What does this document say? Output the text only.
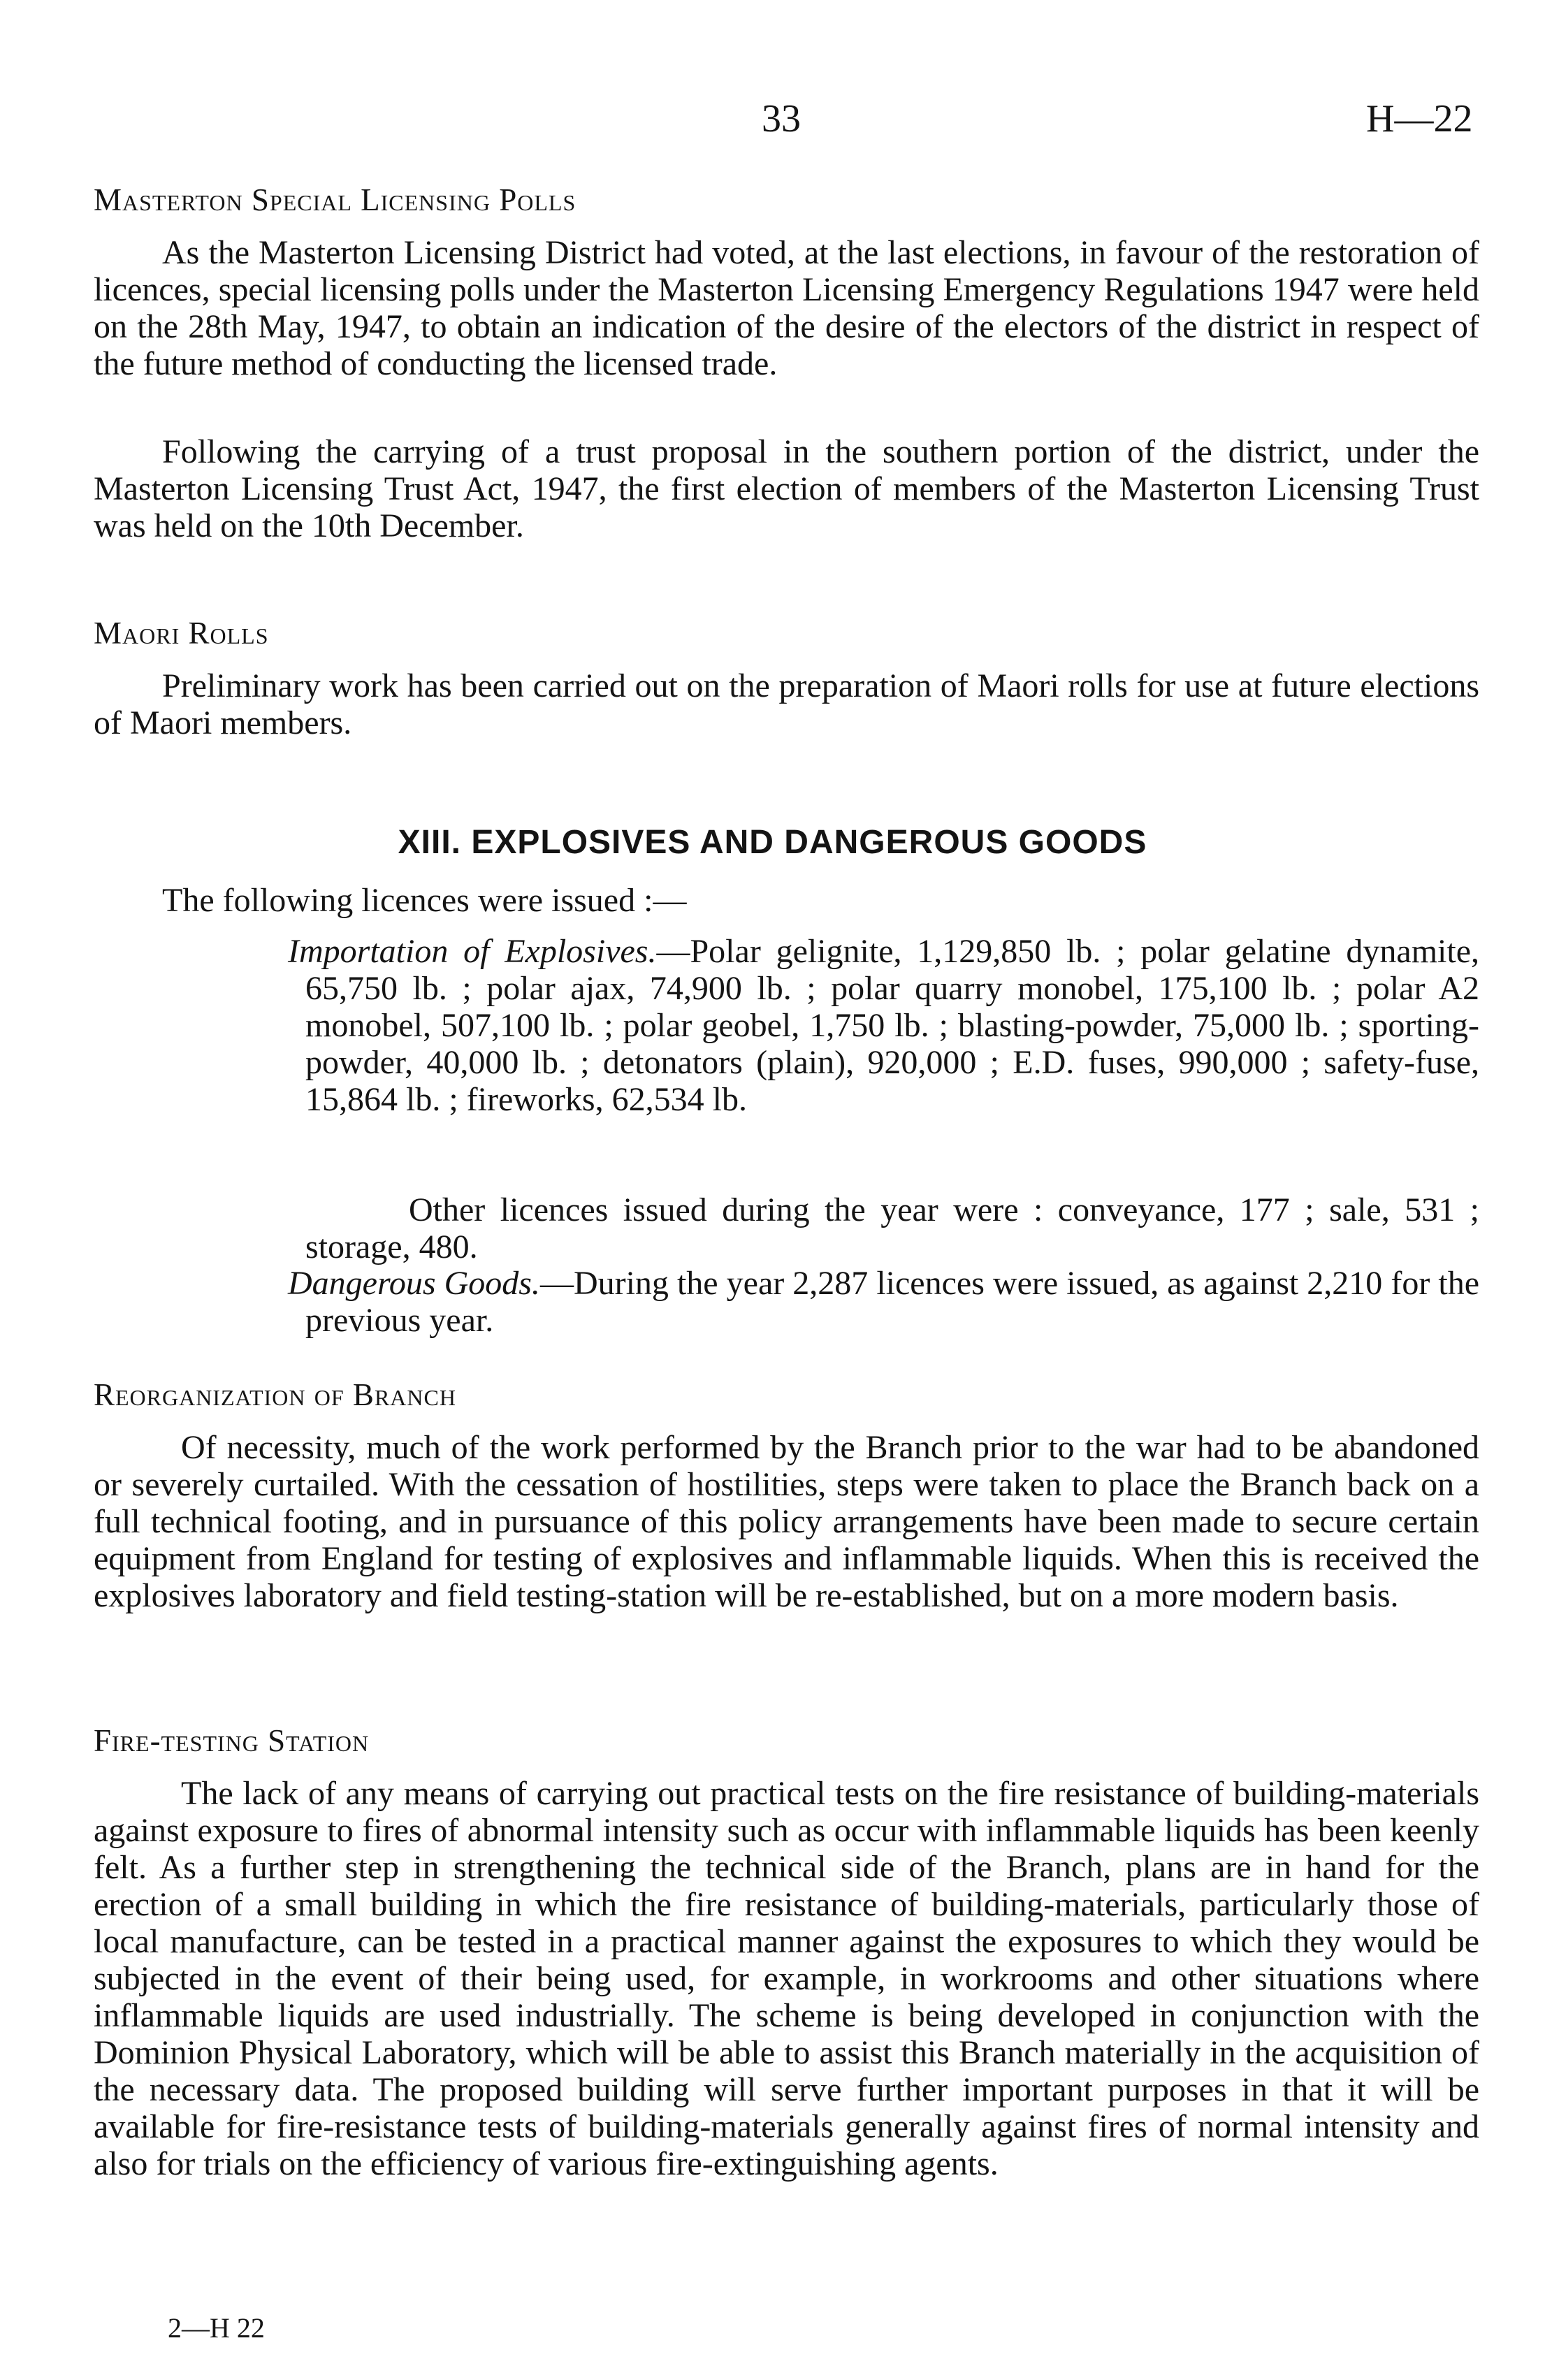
33	H—22
Masterton Special Licensing Polls

As the Masterton Licensing District had voted, at the last elections, in favour of the restoration of licences, special licensing polls under the Masterton Licensing Emergency Regulations 1947 were held on the 28th May, 1947, to obtain an indication of the desire of the electors of the district in respect of the future method of conducting the licensed trade.

Following the carrying of a trust proposal in the southern portion of the district, under the Masterton Licensing Trust Act, 1947, the first election of members of the Masterton Licensing Trust was held on the 10th December.

Maori Rolls

Preliminary work has been carried out on the preparation of Maori rolls for use at future elections of Maori members.

XIII. EXPLOSIVES AND DANGEROUS GOODS

The following licences were issued :—

Importation of Explosives.—Polar gelignite, 1,129,850 lb. ; polar gelatine dynamite, 65,750 lb. ; polar ajax, 74,900 lb. ; polar quarry monobel, 175,100 lb. ; polar A2 monobel, 507,100 lb. ; polar geobel, 1,750 lb. ; blasting-powder, 75,000 lb. ; sporting-powder, 40,000 lb. ; detonators (plain), 920,000 ; E.D. fuses, 990,000 ; safety-fuse, 15,864 lb. ; fireworks, 62,534 lb.

Other licences issued during the year were : conveyance, 177 ; sale, 531 ; storage, 480.

Dangerous Goods.—During the year 2,287 licences were issued, as against 2,210 for the previous year.

Reorganization of Branch

Of necessity, much of the work performed by the Branch prior to the war had to be abandoned or severely curtailed. With the cessation of hostilities, steps were taken to place the Branch back on a full technical footing, and in pursuance of this policy arrangements have been made to secure certain equipment from England for testing of explosives and inflammable liquids. When this is received the explosives laboratory and field testing-station will be re-established, but on a more modern basis.

Fire-testing Station

The lack of any means of carrying out practical tests on the fire resistance of building-materials against exposure to fires of abnormal intensity such as occur with inflammable liquids has been keenly felt. As a further step in strengthening the technical side of the Branch, plans are in hand for the erection of a small building in which the fire resistance of building-materials, particularly those of local manufacture, can be tested in a practical manner against the exposures to which they would be subjected in the event of their being used, for example, in workrooms and other situations where inflammable liquids are used industrially. The scheme is being developed in conjunction with the Dominion Physical Laboratory, which will be able to assist this Branch materially in the acquisition of the necessary data. The proposed building will serve further important purposes in that it will be available for fire-resistance tests of building-materials generally against fires of normal intensity and also for trials on the efficiency of various fire-extinguishing agents.

2—H 22
